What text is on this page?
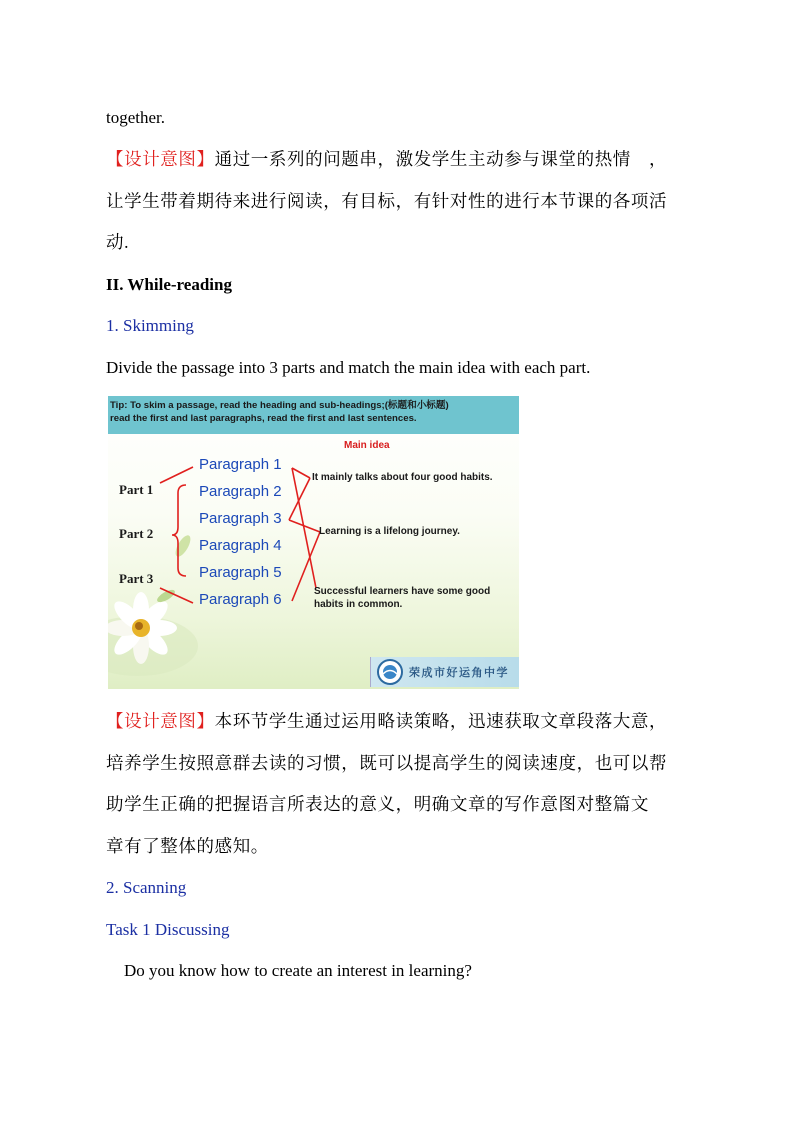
together.
【设计意图】通过一系列的问题串，激发学生主动参与课堂的热情　，
让学生带着期待来进行阅读，有目标，有针对性的进行本节课的各项活
动.
II. While-reading
1. Skimming
Divide the passage into 3 parts and match the main idea with each part.
Tip: To skim a passage, read the heading and sub-headings;(标题和小标题)
read the first and last paragraphs, read the first and last sentences.
Main idea
Part 1
Part 2
Part 3
Paragraph 1
Paragraph 2
Paragraph 3
Paragraph 4
Paragraph 5
Paragraph 6
It mainly talks about four good habits.
Learning is a lifelong journey.
Successful learners have some good habits in common.
荣成市好运角中学
【设计意图】本环节学生通过运用略读策略，迅速获取文章段落大意，
培养学生按照意群去读的习惯，既可以提高学生的阅读速度，也可以帮
助学生正确的把握语言所表达的意义，明确文章的写作意图对整篇文
章有了整体的感知。
2. Scanning
Task 1 Discussing
Do you know how to create an interest in learning?
